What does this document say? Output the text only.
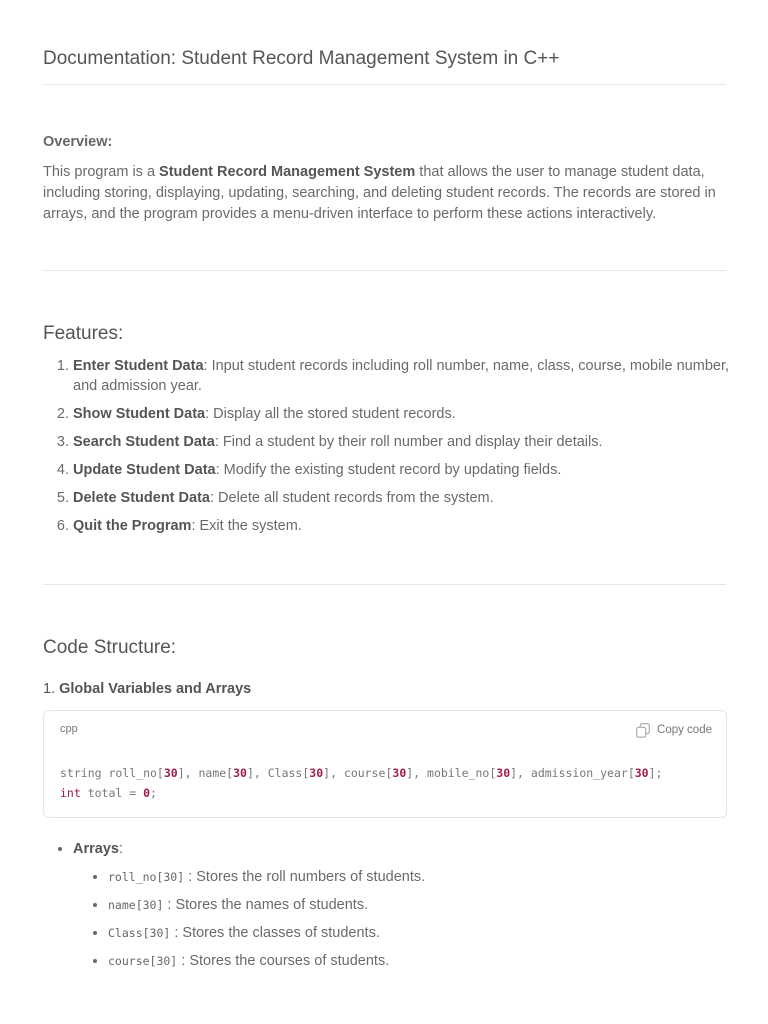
Documentation: Student Record Management System in C++
Overview:
This program is a Student Record Management System that allows the user to manage student data, including storing, displaying, updating, searching, and deleting student records. The records are stored in arrays, and the program provides a menu-driven interface to perform these actions interactively.
Features:
1. Enter Student Data: Input student records including roll number, name, class, course, mobile number, and admission year.
2. Show Student Data: Display all the stored student records.
3. Search Student Data: Find a student by their roll number and display their details.
4. Update Student Data: Modify the existing student record by updating fields.
5. Delete Student Data: Delete all student records from the system.
6. Quit the Program: Exit the system.
Code Structure:
1. Global Variables and Arrays
cpp	Copy code
string roll_no[30], name[30], Class[30], course[30], mobile_no[30], admission_year[30];
int total = 0;
• Arrays:
• roll_no[30] : Stores the roll numbers of students.
• name[30] : Stores the names of students.
• Class[30] : Stores the classes of students.
• course[30] : Stores the courses of students.
